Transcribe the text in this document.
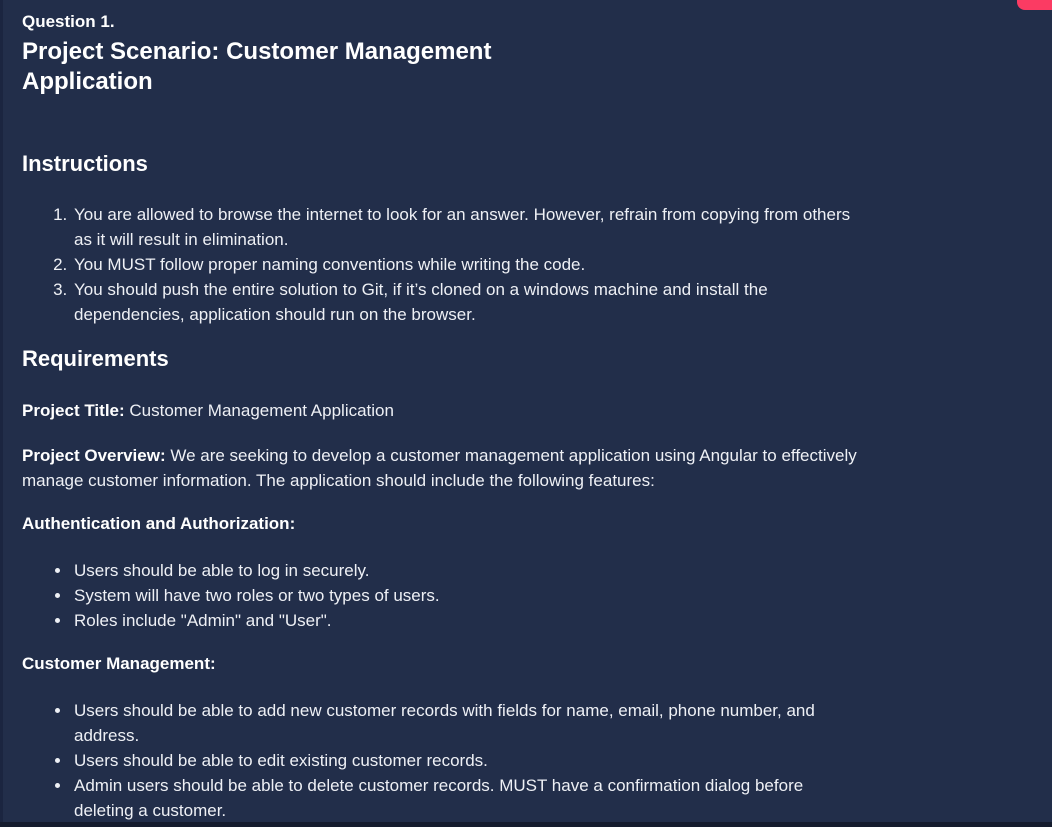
Question 1.
Project Scenario: Customer Management Application
Instructions
1. You are allowed to browse the internet to look for an answer. However, refrain from copying from others as it will result in elimination.
2. You MUST follow proper naming conventions while writing the code.
3. You should push the entire solution to Git, if it’s cloned on a windows machine and install the dependencies, application should run on the browser.
Requirements

Project Title: Customer Management Application

Project Overview: We are seeking to develop a customer management application using Angular to effectively manage customer information. The application should include the following features:

Authentication and Authorization:
• Users should be able to log in securely.
• System will have two roles or two types of users.
• Roles include "Admin" and "User".
Customer Management:
• Users should be able to add new customer records with fields for name, email, phone number, and address.
• Users should be able to edit existing customer records.
• Admin users should be able to delete customer records. MUST have a confirmation dialog before deleting a customer.
